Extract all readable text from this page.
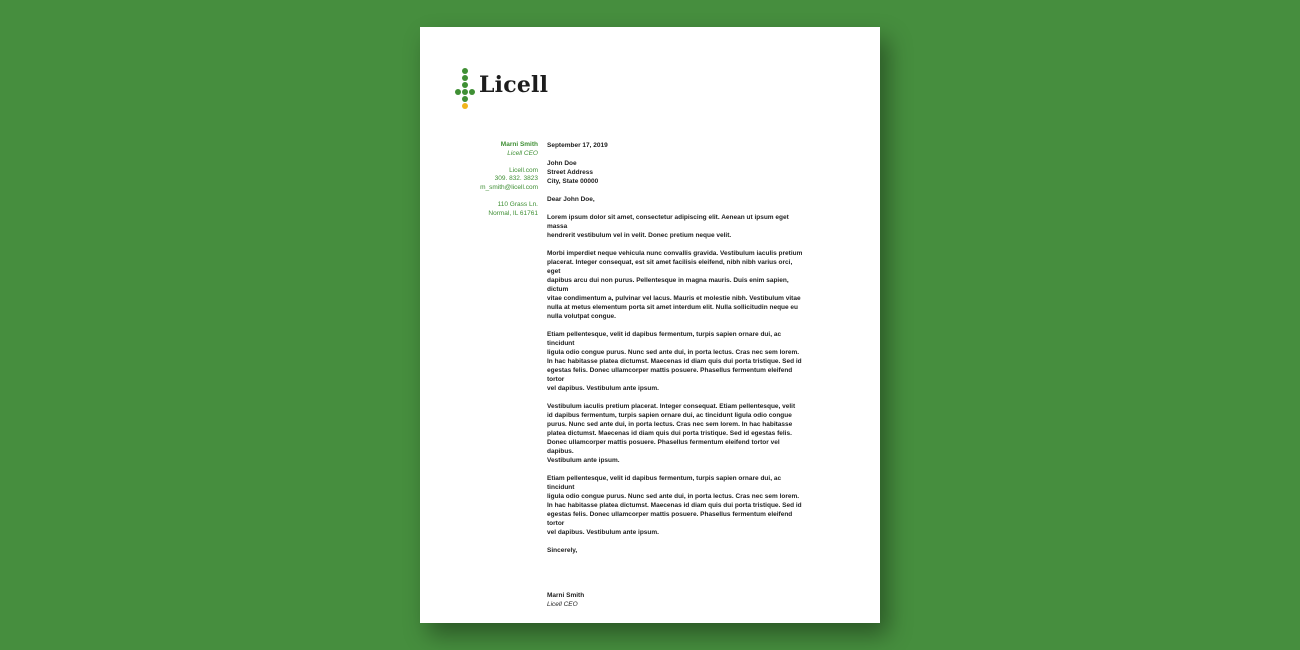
Licell
Marni Smith
Licell CEO
Licell.com
309. 832. 3823
m_smith@licell.com
110 Grass Ln.
Normal, IL 61761

September 17, 2019

John Doe
Street Address
City, State 00000

Dear John Doe,

Lorem ipsum dolor sit amet, consectetur adipiscing elit. Aenean ut ipsum eget massa
hendrerit vestibulum vel in velit. Donec pretium neque velit.

Morbi imperdiet neque vehicula nunc convallis gravida. Vestibulum iaculis pretium
placerat. Integer consequat, est sit amet facilisis eleifend, nibh nibh varius orci, eget
dapibus arcu dui non purus. Pellentesque in magna mauris. Duis enim sapien, dictum
vitae condimentum a, pulvinar vel lacus. Mauris et molestie nibh. Vestibulum vitae
nulla at metus elementum porta sit amet interdum elit. Nulla sollicitudin neque eu
nulla volutpat congue.

Etiam pellentesque, velit id dapibus fermentum, turpis sapien ornare dui, ac tincidunt
ligula odio congue purus. Nunc sed ante dui, in porta lectus. Cras nec sem lorem.
In hac habitasse platea dictumst. Maecenas id diam quis dui porta tristique. Sed id
egestas felis. Donec ullamcorper mattis posuere. Phasellus fermentum eleifend tortor
vel dapibus. Vestibulum ante ipsum.

Vestibulum iaculis pretium placerat. Integer consequat. Etiam pellentesque, velit
id dapibus fermentum, turpis sapien ornare dui, ac tincidunt ligula odio congue
purus. Nunc sed ante dui, in porta lectus. Cras nec sem lorem. In hac habitasse
platea dictumst. Maecenas id diam quis dui porta tristique. Sed id egestas felis.
Donec ullamcorper mattis posuere. Phasellus fermentum eleifend tortor vel dapibus.
Vestibulum ante ipsum.

Etiam pellentesque, velit id dapibus fermentum, turpis sapien ornare dui, ac tincidunt
ligula odio congue purus. Nunc sed ante dui, in porta lectus. Cras nec sem lorem.
In hac habitasse platea dictumst. Maecenas id diam quis dui porta tristique. Sed id
egestas felis. Donec ullamcorper mattis posuere. Phasellus fermentum eleifend tortor
vel dapibus. Vestibulum ante ipsum.

Sincerely,
Marni Smith
Licell CEO
